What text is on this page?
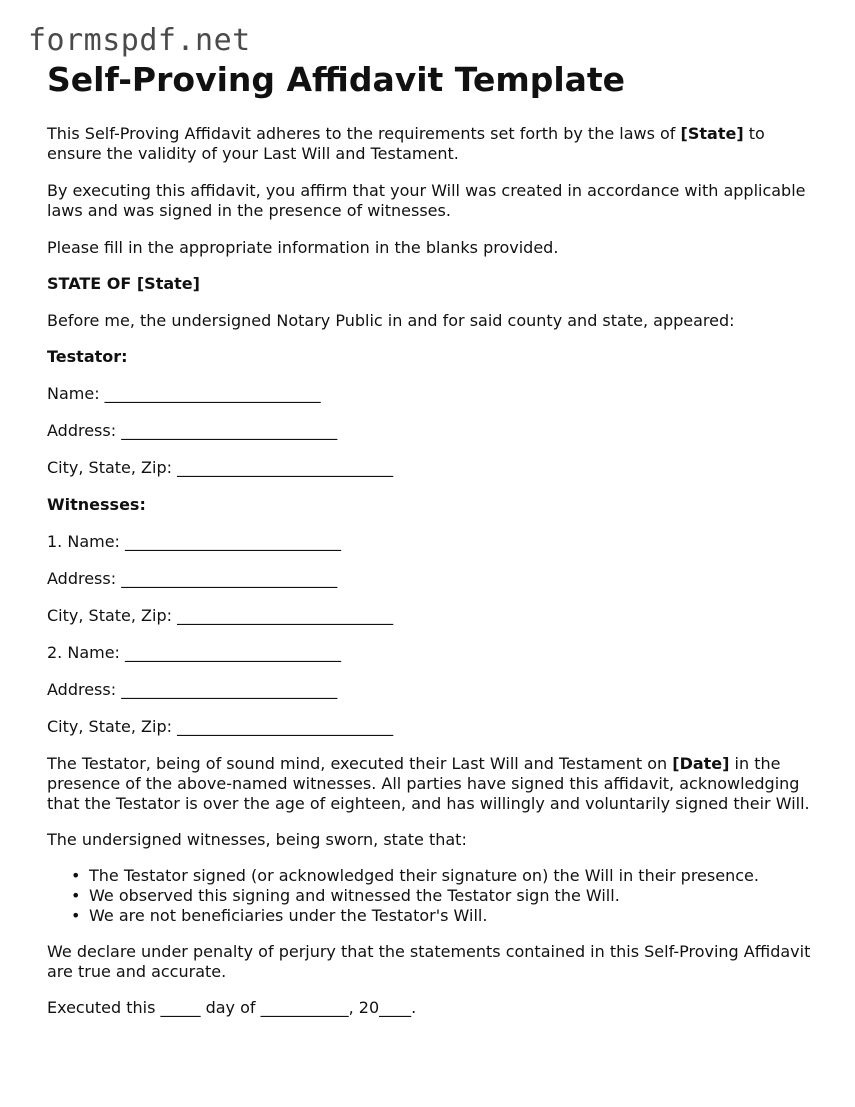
formspdf.net
Self-Proving Affidavit Template

This Self-Proving Affidavit adheres to the requirements set forth by the laws of [State] to ensure the validity of your Last Will and Testament.

By executing this affidavit, you affirm that your Will was created in accordance with applicable laws and was signed in the presence of witnesses.

Please fill in the appropriate information in the blanks provided.

STATE OF [State]

Before me, the undersigned Notary Public in and for said county and state, appeared:

Testator:

Name: ___________________________

Address: ___________________________

City, State, Zip: ___________________________

Witnesses:

1. Name: ___________________________

Address: ___________________________

City, State, Zip: ___________________________

2. Name: ___________________________

Address: ___________________________

City, State, Zip: ___________________________

The Testator, being of sound mind, executed their Last Will and Testament on [Date] in the presence of the above-named witnesses. All parties have signed this affidavit, acknowledging that the Testator is over the age of eighteen, and has willingly and voluntarily signed their Will.

The undersigned witnesses, being sworn, state that:

• The Testator signed (or acknowledged their signature on) the Will in their presence.
• We observed this signing and witnessed the Testator sign the Will.
• We are not beneficiaries under the Testator's Will.

We declare under penalty of perjury that the statements contained in this Self-Proving Affidavit are true and accurate.

Executed this _____ day of ___________, 20____.
